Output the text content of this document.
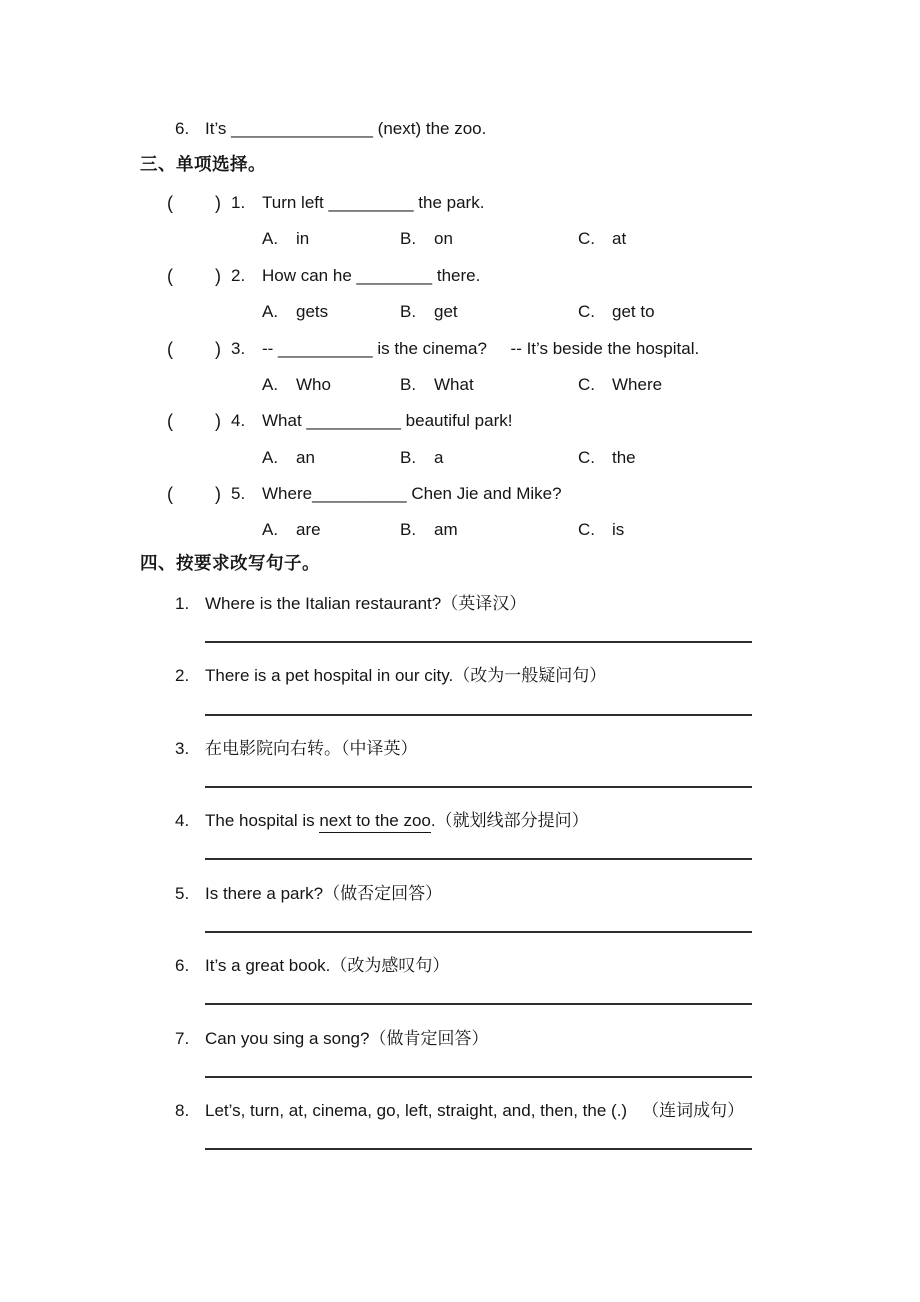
6. It’s _______________ (next) the zoo.
三、单项选择。
( ) 1. Turn left _________ the park.
A. in	B. on	C. at
( ) 2. How can he ________ there.
A. gets	B. get	C. get to
( ) 3. -- __________ is the cinema?     -- It’s beside the hospital.
A. Who	B. What	C. Where
( ) 4. What __________ beautiful park!
A. an	B. a	C. the
( ) 5. Where__________ Chen Jie and Mike?
A. are	B. am	C. is
四、按要求改写句子。
1. Where is the Italian restaurant?（英译汉）
2. There is a pet hospital in our city.（改为一般疑问句）
3. 在电影院向右转。（中译英）
4. The hospital is next to the zoo.（就划线部分提问）
5. Is there a park?（做否定回答）
6. It’s a great book.（改为感叹句）
7. Can you sing a song?（做肯定回答）
8. Let’s, turn, at, cinema, go, left, straight, and, then, the (.) （连词成句）
